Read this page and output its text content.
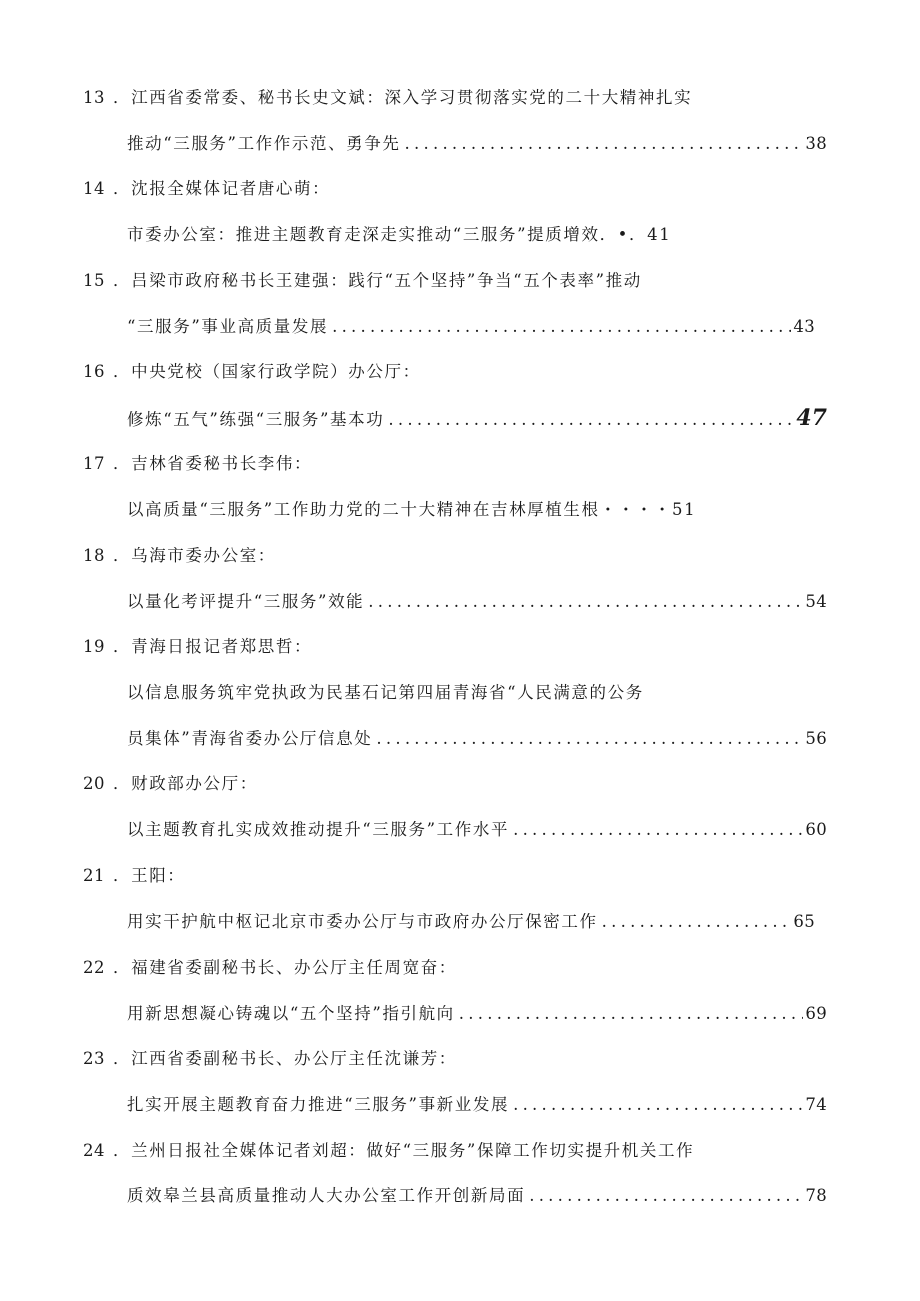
13 ．江西省委常委、秘书长史文斌：深入学习贯彻落实党的二十大精神扎实
推动“三服务”工作作示范、勇争先 . . .	38
14 ．沈报全媒体记者唐心萌：
市委办公室：推进主题教育走深走实推动“三服务”提质增效．•．41
15 ．吕梁市政府秘书长王建强：践行“五个坚持”争当“五个表率”推动
“三服务”事业高质量发展 . . .	43
16 ．中央党校（国家行政学院）办公厅：
修炼“五气”练强“三服务”基本功 . . .	47
17 ．吉林省委秘书长李伟：
以高质量“三服务”工作助力党的二十大精神在吉林厚植生根・・・・51
18 ．乌海市委办公室：
以量化考评提升“三服务”效能 . . .	54
19 ．青海日报记者郑思哲：
以信息服务筑牢党执政为民基石记第四届青海省“人民满意的公务
员集体”青海省委办公厅信息处 . . .	56
20 ．财政部办公厅：
以主题教育扎实成效推动提升“三服务”工作水平 . . .	60
21 ．王阳：
用实干护航中枢记北京市委办公厅与市政府办公厅保密工作 . . .	65
22 ．福建省委副秘书长、办公厅主任周宽奋：
用新思想凝心铸魂以“五个坚持”指引航向 . . .	69
23 ．江西省委副秘书长、办公厅主任沈谦芳：
扎实开展主题教育奋力推进“三服务”事新业发展 . . .	74
24 ．兰州日报社全媒体记者刘超：做好“三服务”保障工作切实提升机关工作
质效皋兰县高质量推动人大办公室工作开创新局面 . . .	78
